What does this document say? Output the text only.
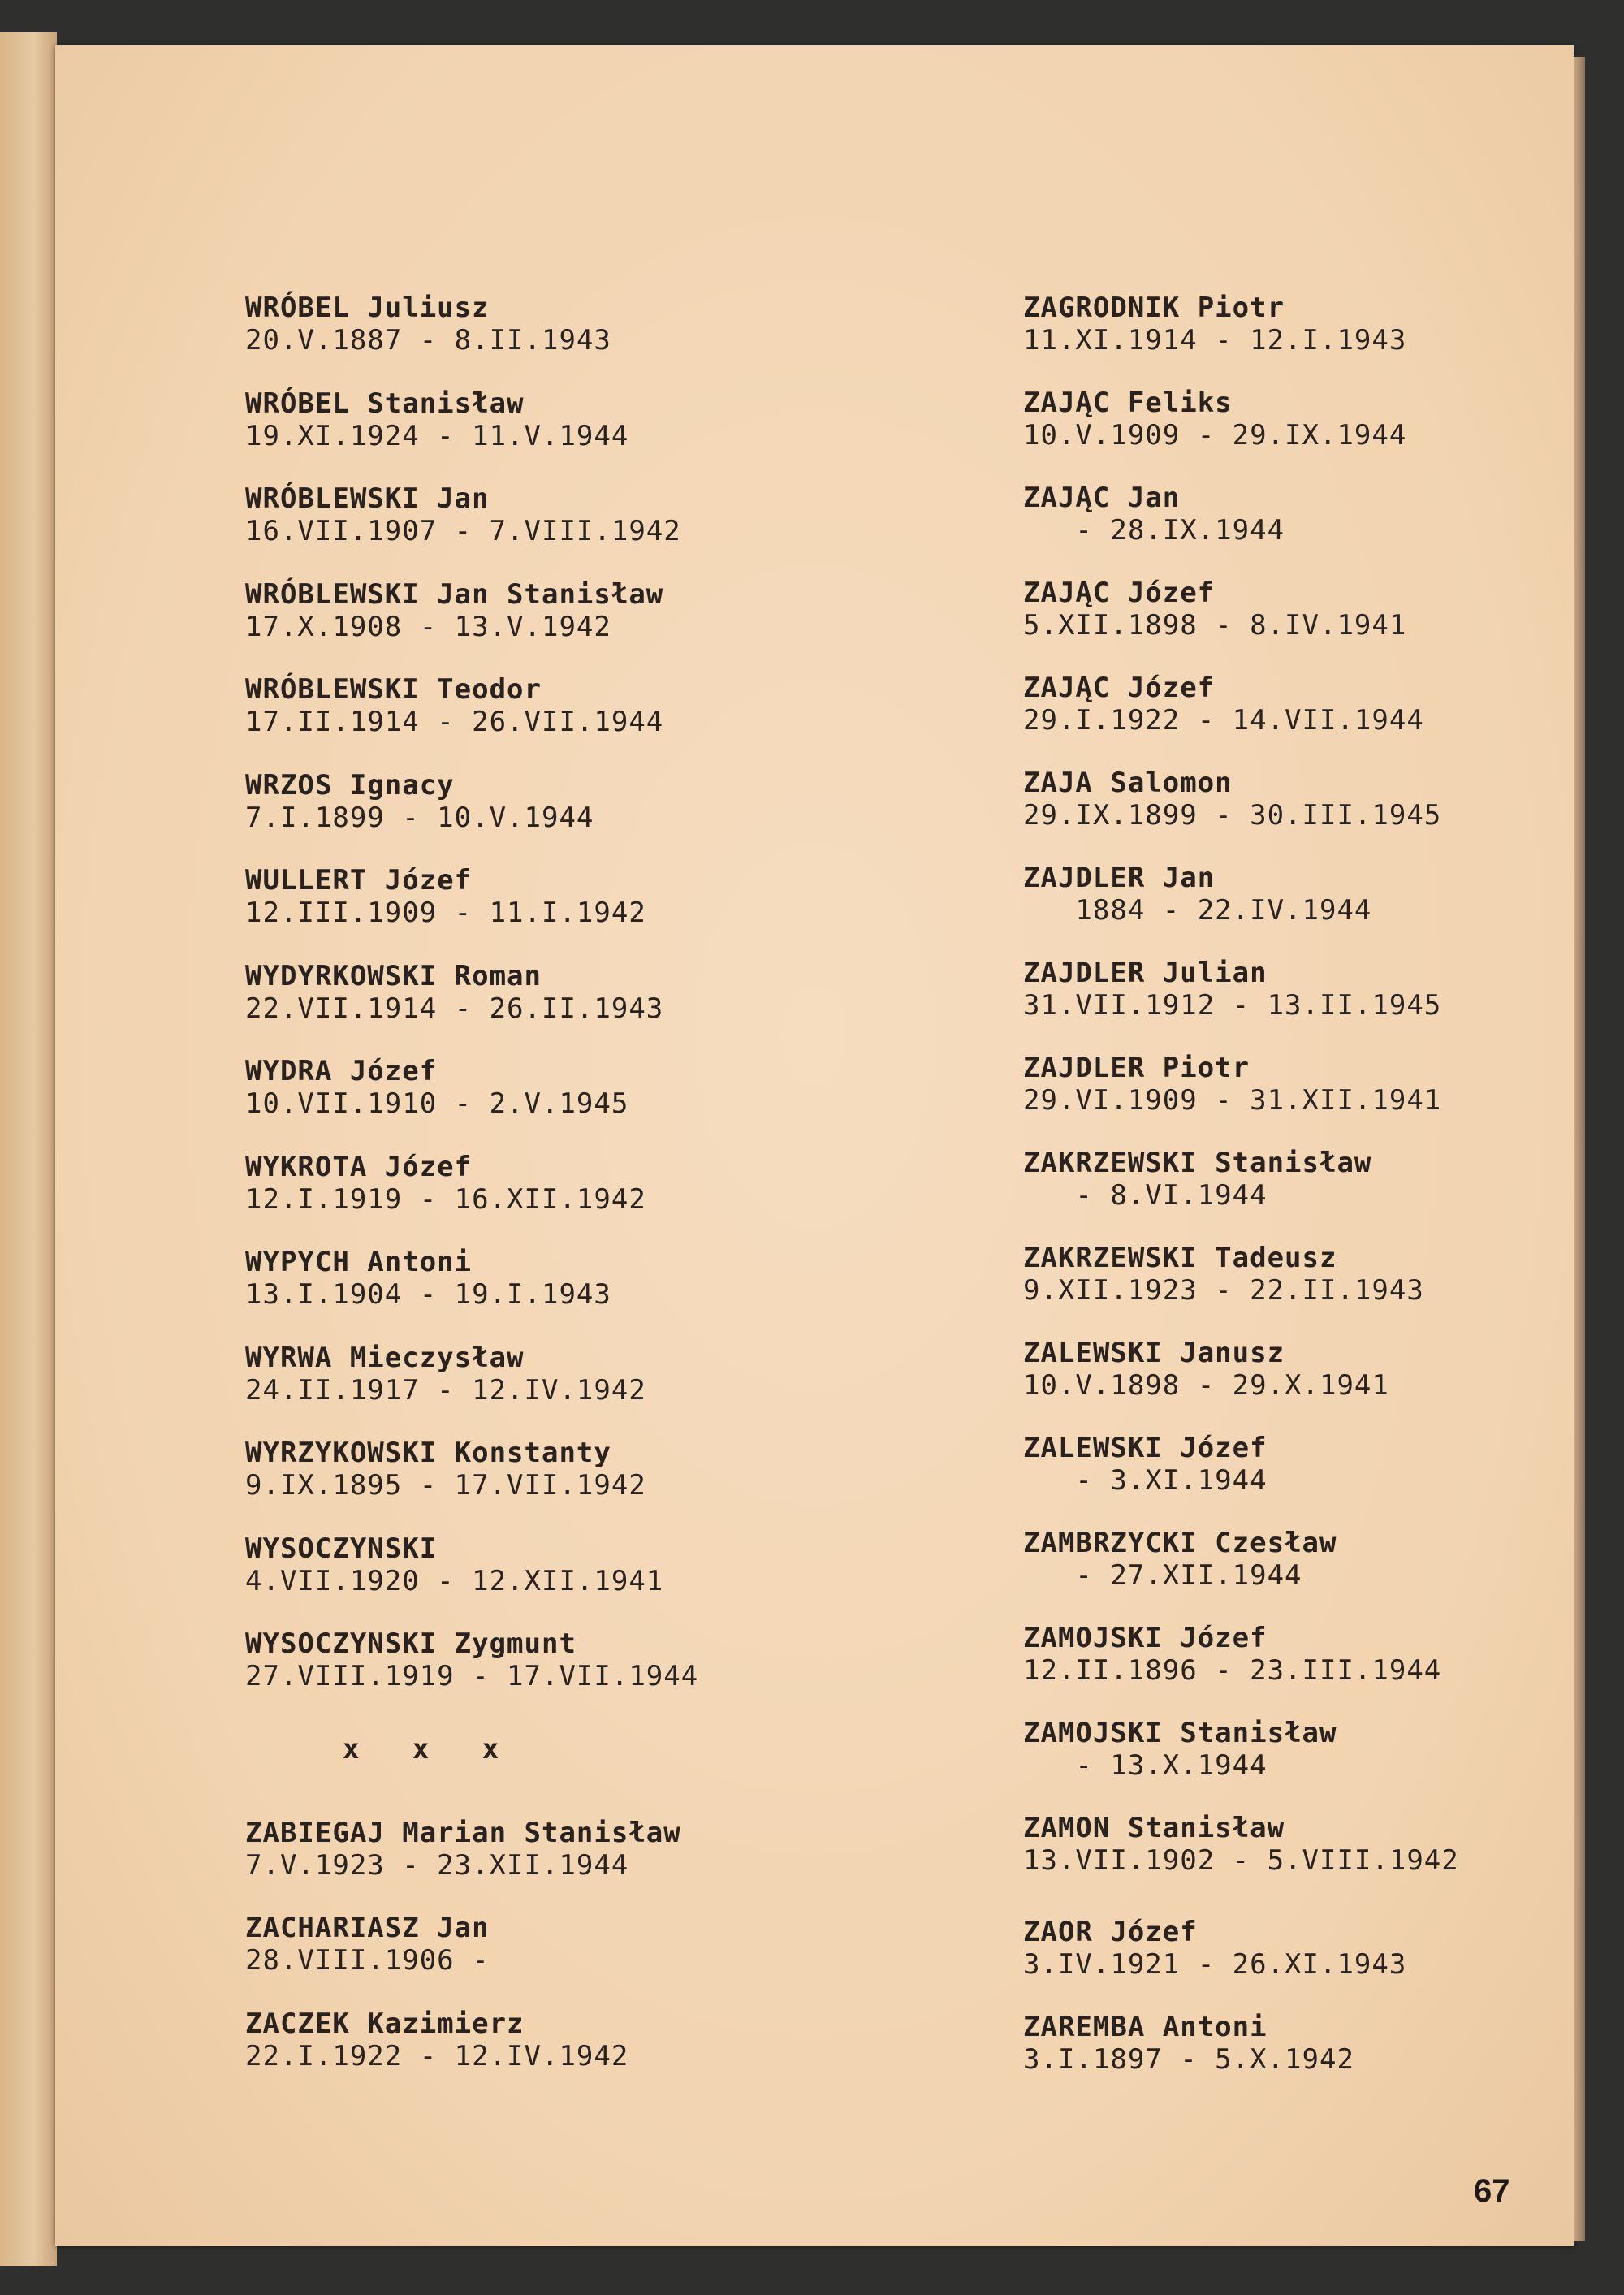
WRÓBEL Juliusz
20.V.1887 - 8.II.1943
WRÓBEL Stanisław
19.XI.1924 - 11.V.1944
WRÓBLEWSKI Jan
16.VII.1907 - 7.VIII.1942
WRÓBLEWSKI Jan Stanisław
17.X.1908 - 13.V.1942
WRÓBLEWSKI Teodor
17.II.1914 - 26.VII.1944
WRZOS Ignacy
7.I.1899 - 10.V.1944
WULLERT Józef
12.III.1909 - 11.I.1942
WYDYRKOWSKI Roman
22.VII.1914 - 26.II.1943
WYDRA Józef
10.VII.1910 - 2.V.1945
WYKROTA Józef
12.I.1919 - 16.XII.1942
WYPYCH Antoni
13.I.1904 - 19.I.1943
WYRWA Mieczysław
24.II.1917 - 12.IV.1942
WYRZYKOWSKI Konstanty
9.IX.1895 - 17.VII.1942
WYSOCZYNSKI
4.VII.1920 - 12.XII.1941
WYSOCZYNSKI Zygmunt
27.VIII.1919 - 17.VII.1944
x   x   x
ZABIEGAJ Marian Stanisław
7.V.1923 - 23.XII.1944
ZACHARIASZ Jan
28.VIII.1906 -
ZACZEK Kazimierz
22.I.1922 - 12.IV.1942
ZAGRODNIK Piotr
11.XI.1914 - 12.I.1943
ZAJĄC Feliks
10.V.1909 - 29.IX.1944
ZAJĄC Jan
- 28.IX.1944
ZAJĄC Józef
5.XII.1898 - 8.IV.1941
ZAJĄC Józef
29.I.1922 - 14.VII.1944
ZAJA Salomon
29.IX.1899 - 30.III.1945
ZAJDLER Jan
1884 - 22.IV.1944
ZAJDLER Julian
31.VII.1912 - 13.II.1945
ZAJDLER Piotr
29.VI.1909 - 31.XII.1941
ZAKRZEWSKI Stanisław
- 8.VI.1944
ZAKRZEWSKI Tadeusz
9.XII.1923 - 22.II.1943
ZALEWSKI Janusz
10.V.1898 - 29.X.1941
ZALEWSKI Józef
- 3.XI.1944
ZAMBRZYCKI Czesław
- 27.XII.1944
ZAMOJSKI Józef
12.II.1896 - 23.III.1944
ZAMOJSKI Stanisław
- 13.X.1944
ZAMON Stanisław
13.VII.1902 - 5.VIII.1942
ZAOR Józef
3.IV.1921 - 26.XI.1943
ZAREMBA Antoni
3.I.1897 - 5.X.1942
67
